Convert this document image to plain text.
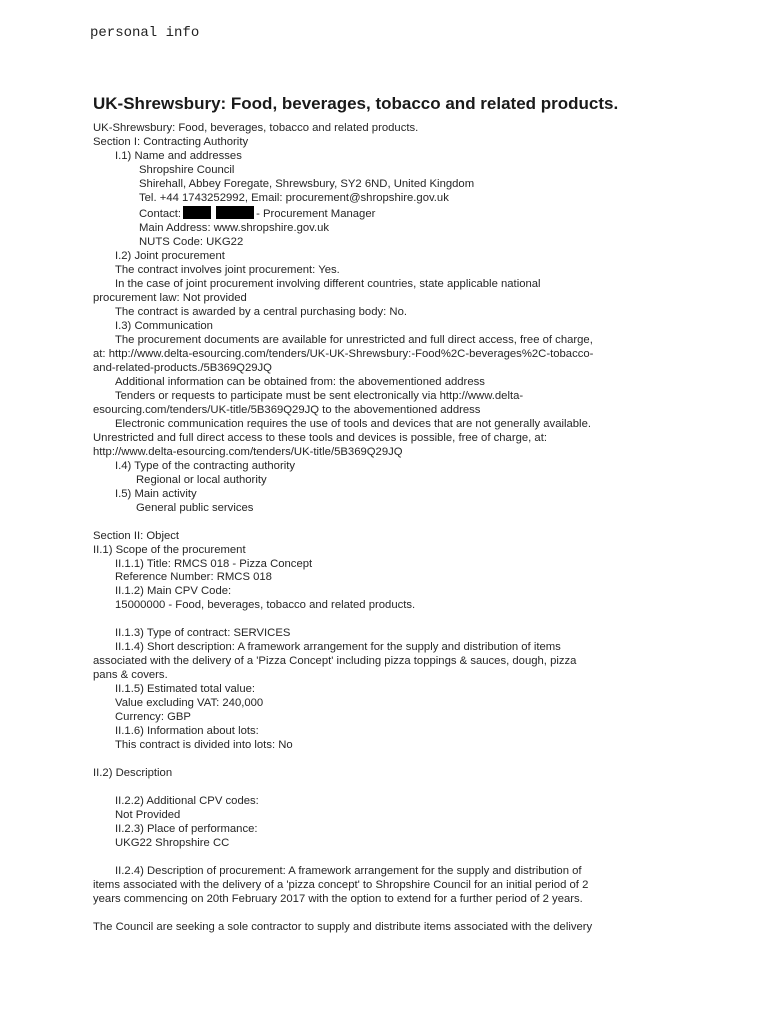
personal info
UK-Shrewsbury: Food, beverages, tobacco and related products.
UK-Shrewsbury: Food, beverages, tobacco and related products.
Section I: Contracting Authority
I.1) Name and addresses
Shropshire Council
Shirehall, Abbey Foregate, Shrewsbury, SY2 6ND, United Kingdom
Tel. +44 1743252992, Email: procurement@shropshire.gov.uk
Contact:	- Procurement Manager
Main Address: www.shropshire.gov.uk
NUTS Code: UKG22
I.2) Joint procurement
The contract involves joint procurement: Yes.
In the case of joint procurement involving different countries, state applicable national
procurement law: Not provided
The contract is awarded by a central purchasing body: No.
I.3) Communication
The procurement documents are available for unrestricted and full direct access, free of charge,
at: http://www.delta-esourcing.com/tenders/UK-UK-Shrewsbury:-Food%2C-beverages%2C-tobacco-
and-related-products./5B369Q29JQ
Additional information can be obtained from: the abovementioned address
Tenders or requests to participate must be sent electronically via http://www.delta-
esourcing.com/tenders/UK-title/5B369Q29JQ to the abovementioned address
Electronic communication requires the use of tools and devices that are not generally available.
Unrestricted and full direct access to these tools and devices is possible, free of charge, at:
http://www.delta-esourcing.com/tenders/UK-title/5B369Q29JQ
I.4) Type of the contracting authority
Regional or local authority
I.5) Main activity
General public services
Section II: Object
II.1) Scope of the procurement
II.1.1) Title: RMCS 018 - Pizza Concept
Reference Number: RMCS 018
II.1.2) Main CPV Code:
15000000 - Food, beverages, tobacco and related products.
II.1.3) Type of contract: SERVICES
II.1.4) Short description: A framework arrangement for the supply and distribution of items
associated with the delivery of a 'Pizza Concept' including pizza toppings & sauces, dough, pizza
pans & covers.
II.1.5) Estimated total value:
Value excluding VAT: 240,000
Currency: GBP
II.1.6) Information about lots:
This contract is divided into lots: No
II.2) Description
II.2.2) Additional CPV codes:
Not Provided
II.2.3) Place of performance:
UKG22 Shropshire CC
II.2.4) Description of procurement: A framework arrangement for the supply and distribution of
items associated with the delivery of a 'pizza concept' to Shropshire Council for an initial period of 2
years commencing on 20th February 2017 with the option to extend for a further period of 2 years.
The Council are seeking a sole contractor to supply and distribute items associated with the delivery
